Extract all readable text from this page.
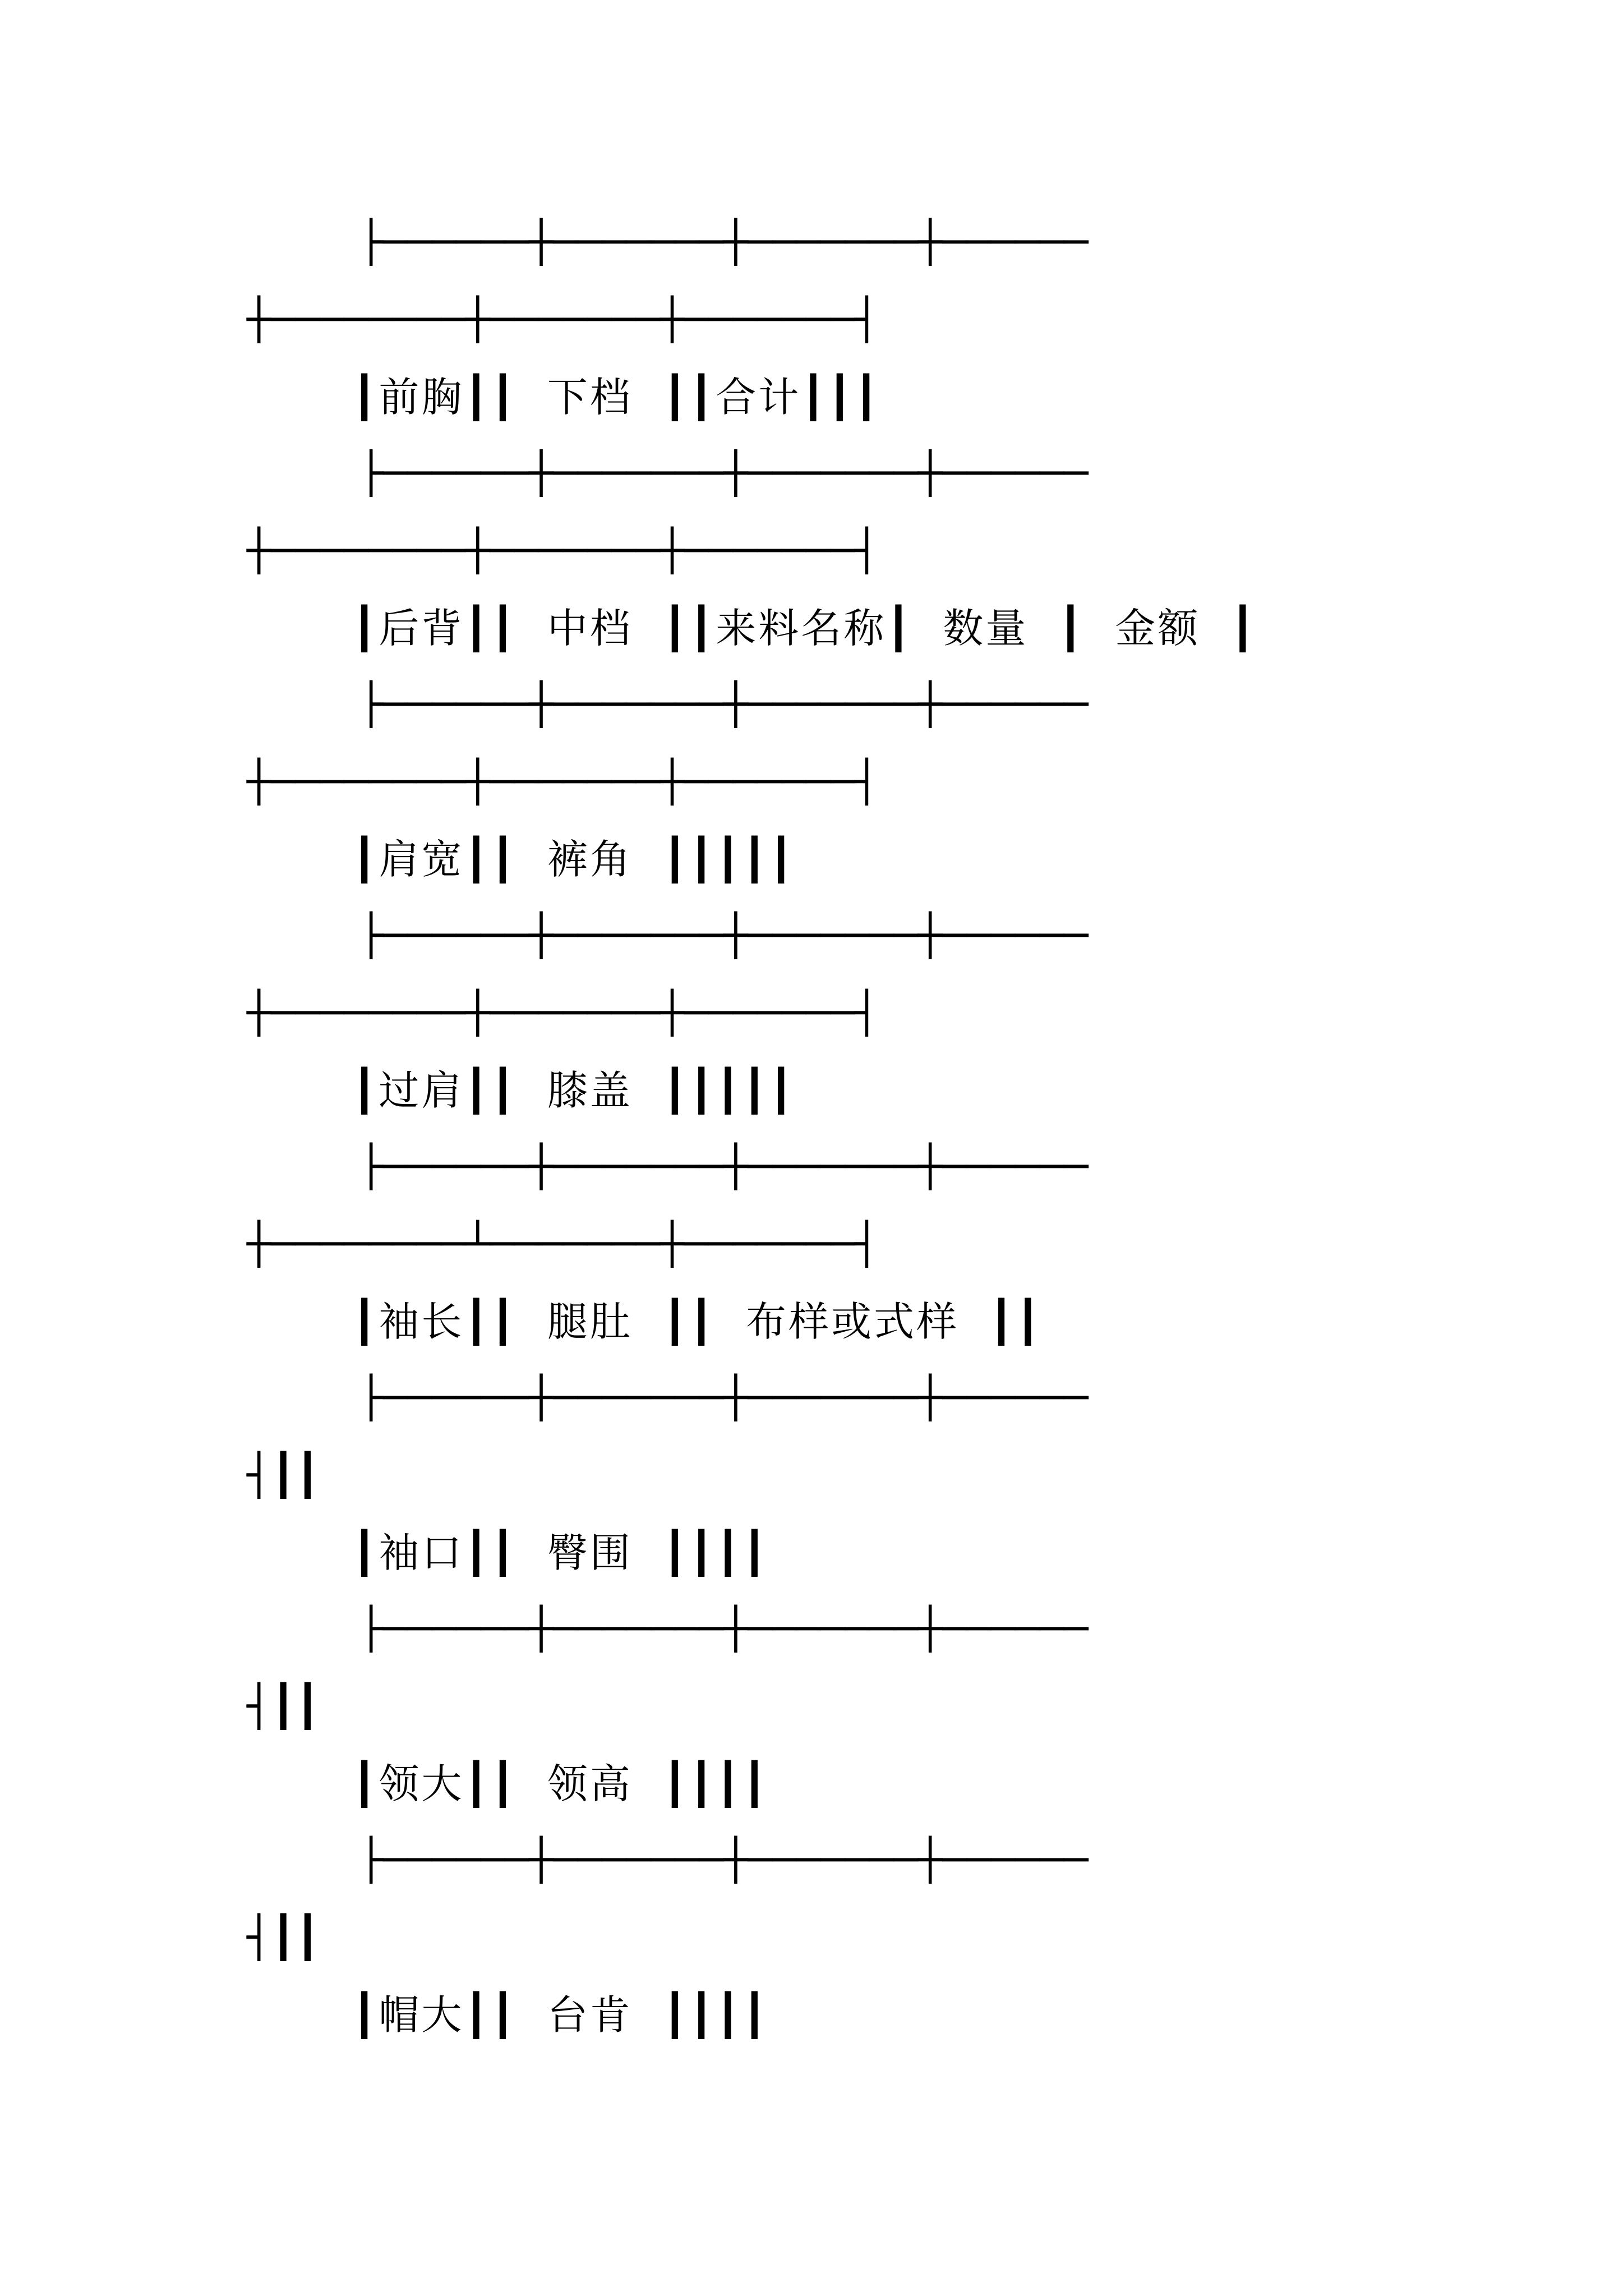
├──────┼───────┼───────┼──────
┼────────┼───────┼───────┤
┃前胸┃┃  下档  ┃┃合计┃┃┃
├──────┼───────┼───────┼──────
┼────────┼───────┼───────┤
┃后背┃┃  中档  ┃┃来料名称┃  数量  ┃  金额  ┃
├──────┼───────┼───────┼──────
┼────────┼───────┼───────┤
┃肩宽┃┃  裤角  ┃┃┃┃┃
├──────┼───────┼───────┼──────
┼────────┼───────┼───────┤
┃过肩┃┃  膝盖  ┃┃┃┃┃
├──────┼───────┼───────┼──────
┼────────┴───────┼───────┤
┃袖长┃┃  腿肚  ┃┃  布样或式样  ┃┃
├──────┼───────┼───────┼──────
┤┃┃
┃袖口┃┃  臀围  ┃┃┃┃
├──────┼───────┼───────┼──────
┤┃┃
┃领大┃┃  领高  ┃┃┃┃
├──────┼───────┼───────┼──────
┤┃┃
┃帽大┃┃  台肯  ┃┃┃┃
